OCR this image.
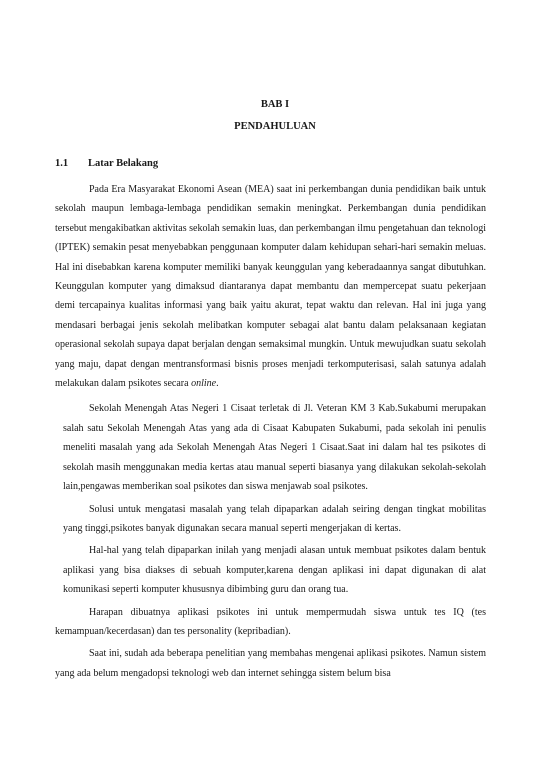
BAB I
PENDAHULUAN
1.1 Latar Belakang

Pada Era Masyarakat Ekonomi Asean (MEA) saat ini perkembangan dunia pendidikan baik untuk sekolah maupun lembaga-lembaga pendidikan semakin meningkat. Perkembangan dunia pendidikan tersebut mengakibatkan aktivitas sekolah semakin luas, dan perkembangan ilmu pengetahuan dan teknologi (IPTEK) semakin pesat menyebabkan penggunaan komputer dalam kehidupan sehari-hari semakin meluas. Hal ini disebabkan karena komputer memiliki banyak keunggulan yang keberadaannya sangat dibutuhkan. Keunggulan komputer yang dimaksud diantaranya dapat membantu dan mempercepat suatu pekerjaan demi tercapainya kualitas informasi yang baik yaitu akurat, tepat waktu dan relevan. Hal ini juga yang mendasari berbagai jenis sekolah melibatkan komputer sebagai alat bantu dalam pelaksanaan kegiatan operasional sekolah supaya dapat berjalan dengan semaksimal mungkin. Untuk mewujudkan suatu sekolah yang maju, dapat dengan mentransformasi bisnis proses menjadi terkomputerisasi, salah satunya adalah melakukan dalam psikotes secara online.

Sekolah Menengah Atas Negeri 1 Cisaat terletak di Jl. Veteran KM 3 Kab.Sukabumi merupakan salah satu Sekolah Menengah Atas yang ada di Cisaat Kabupaten Sukabumi, pada sekolah ini penulis meneliti masalah yang ada Sekolah Menengah Atas Negeri 1 Cisaat.Saat ini dalam hal tes psikotes di sekolah masih menggunakan media kertas atau manual seperti biasanya yang dilakukan sekolah-sekolah lain,pengawas memberikan soal psikotes dan siswa menjawab soal psikotes.

Solusi untuk mengatasi masalah yang telah dipaparkan adalah seiring dengan tingkat mobilitas yang tinggi,psikotes banyak digunakan secara manual seperti mengerjakan di kertas.

Hal-hal yang telah dipaparkan inilah yang menjadi alasan untuk membuat psikotes dalam bentuk aplikasi yang bisa diakses di sebuah komputer,karena dengan aplikasi ini dapat digunakan di alat komunikasi seperti komputer khususnya dibimbing guru dan orang tua.

Harapan dibuatnya aplikasi psikotes ini untuk mempermudah siswa untuk tes IQ (tes kemampuan/kecerdasan) dan tes personality (kepribadian).

Saat ini, sudah ada beberapa penelitian yang membahas mengenai aplikasi psikotes. Namun sistem yang ada belum mengadopsi teknologi web dan internet sehingga sistem belum bisa
